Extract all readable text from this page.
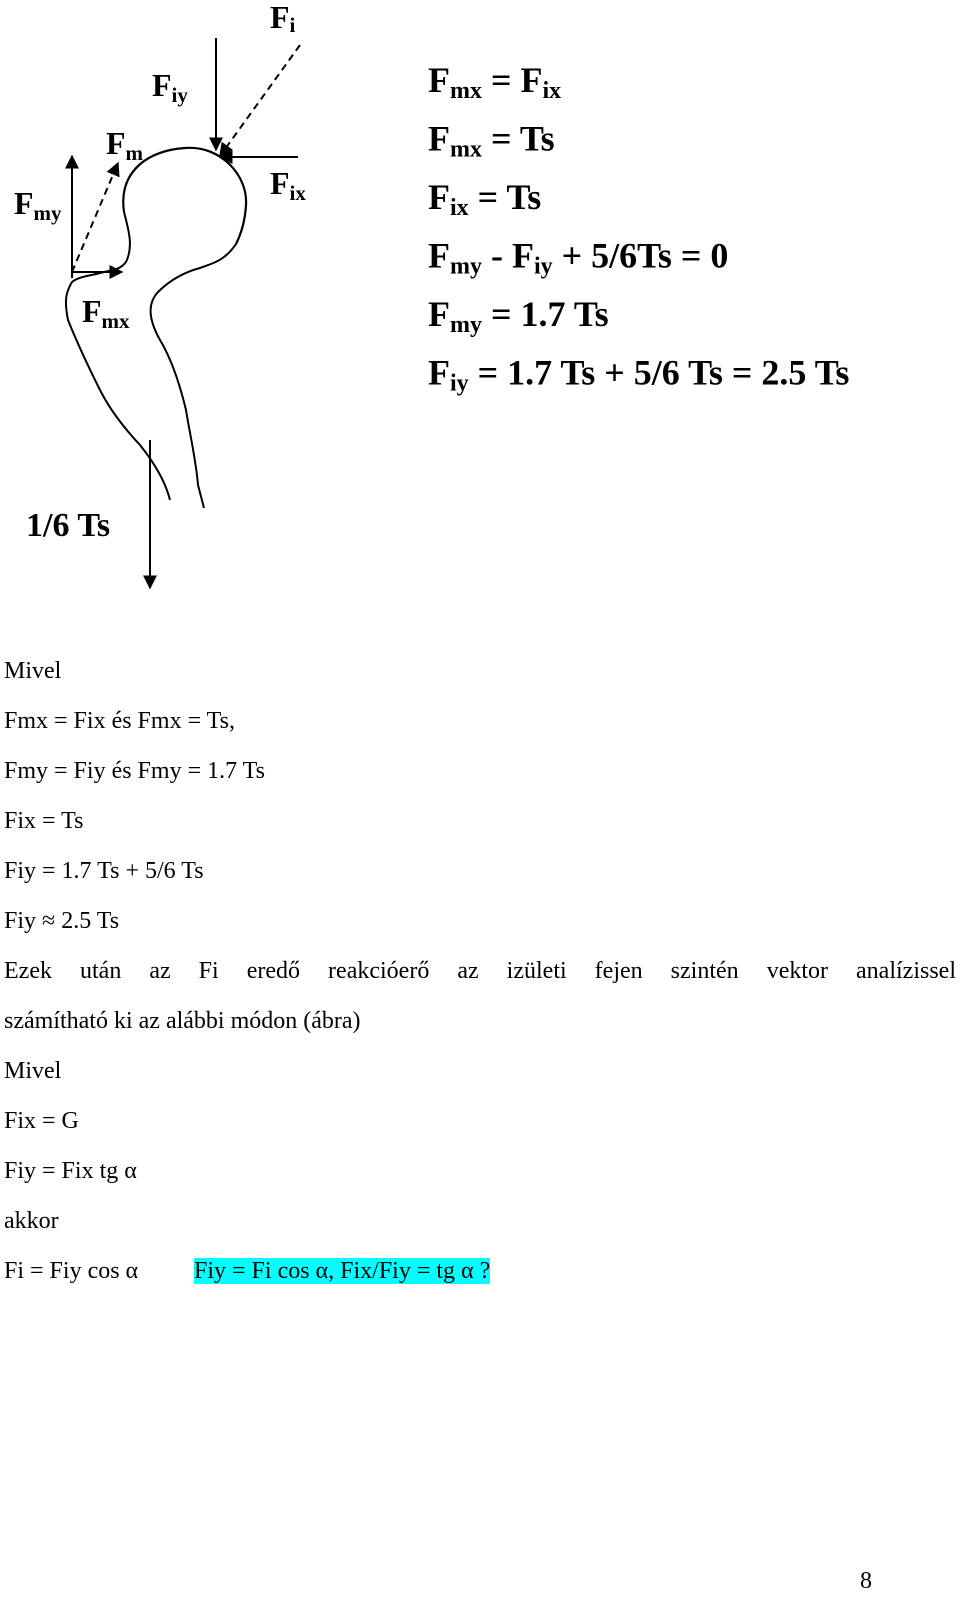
Fi
Fiy
Fm
Fmy
Fix
Fmx
1/6 Ts
Fmx = Fix
Fmx = Ts
Fix = Ts
Fmy - Fiy + 5/6Ts = 0
Fmy = 1.7 Ts
Fiy = 1.7 Ts + 5/6 Ts = 2.5 Ts
Mivel
Fmx = Fix és Fmx = Ts,
Fmy = Fiy és Fmy = 1.7 Ts
Fix = Ts
Fiy = 1.7 Ts + 5/6 Ts
Fiy ≈ 2.5 Ts
Ezek után az Fi eredő reakcióerő az izületi fejen szintén vektor analízissel
számítható ki az alábbi módon (ábra)
Mivel
Fix = G
Fiy = Fix tg α
akkor
Fi = Fiy cos α Fiy = Fi cos α, Fix/Fiy = tg α ?
8
